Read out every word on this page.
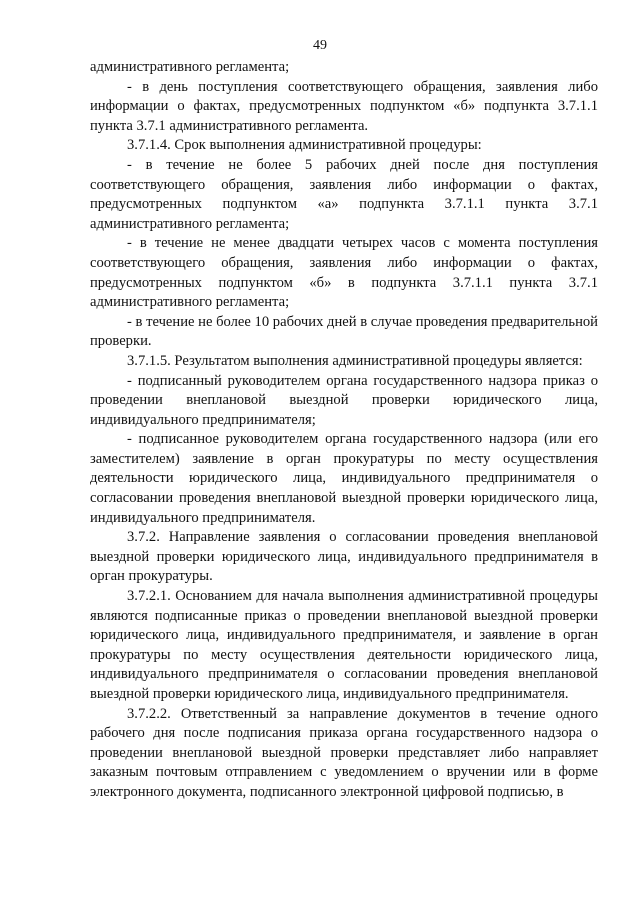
49

административного регламента;

- в день поступления соответствующего обращения, заявления либо информации о фактах, предусмотренных подпунктом «б» подпункта 3.7.1.1 пункта 3.7.1 административного регламента.

3.7.1.4. Срок выполнения административной процедуры:

- в течение не более 5 рабочих дней после дня поступления соответствующего обращения, заявления либо информации о фактах, предусмотренных подпунктом «а» подпункта 3.7.1.1 пункта 3.7.1 административного регламента;

- в течение не менее двадцати четырех часов с момента поступления соответствующего обращения, заявления либо информации о фактах, предусмотренных подпунктом «б» в подпункта 3.7.1.1 пункта 3.7.1 административного регламента;

- в течение не более 10 рабочих дней в случае проведения предварительной проверки.

3.7.1.5. Результатом выполнения административной процедуры является:

- подписанный руководителем органа государственного надзора приказ о проведении внеплановой выездной проверки юридического лица, индивидуального предпринимателя;

- подписанное руководителем органа государственного надзора (или его заместителем) заявление в орган прокуратуры по месту осуществления деятельности юридического лица, индивидуального предпринимателя о согласовании проведения внеплановой выездной проверки юридического лица, индивидуального предпринимателя.

3.7.2. Направление заявления о согласовании проведения внеплановой выездной проверки юридического лица, индивидуального предпринимателя в орган прокуратуры.

3.7.2.1. Основанием для начала выполнения административной процедуры являются подписанные приказ о проведении внеплановой выездной проверки юридического лица, индивидуального предпринимателя, и заявление в орган прокуратуры по месту осуществления деятельности юридического лица, индивидуального предпринимателя о согласовании проведения внеплановой выездной проверки юридического лица, индивидуального предпринимателя.

3.7.2.2. Ответственный за направление документов в течение одного рабочего дня после подписания приказа органа государственного надзора о проведении внеплановой выездной проверки представляет либо направляет заказным почтовым отправлением с уведомлением о вручении или в форме электронного документа, подписанного электронной цифровой подписью, в
